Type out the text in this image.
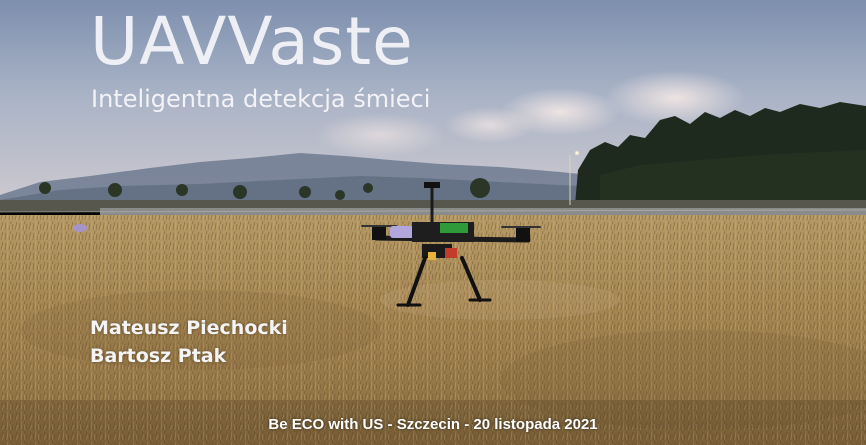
UAVVaste
Inteligentna detekcja śmieci
Mateusz Piechocki
Bartosz Ptak
Be ECO with US - Szczecin - 20 listopada 2021
